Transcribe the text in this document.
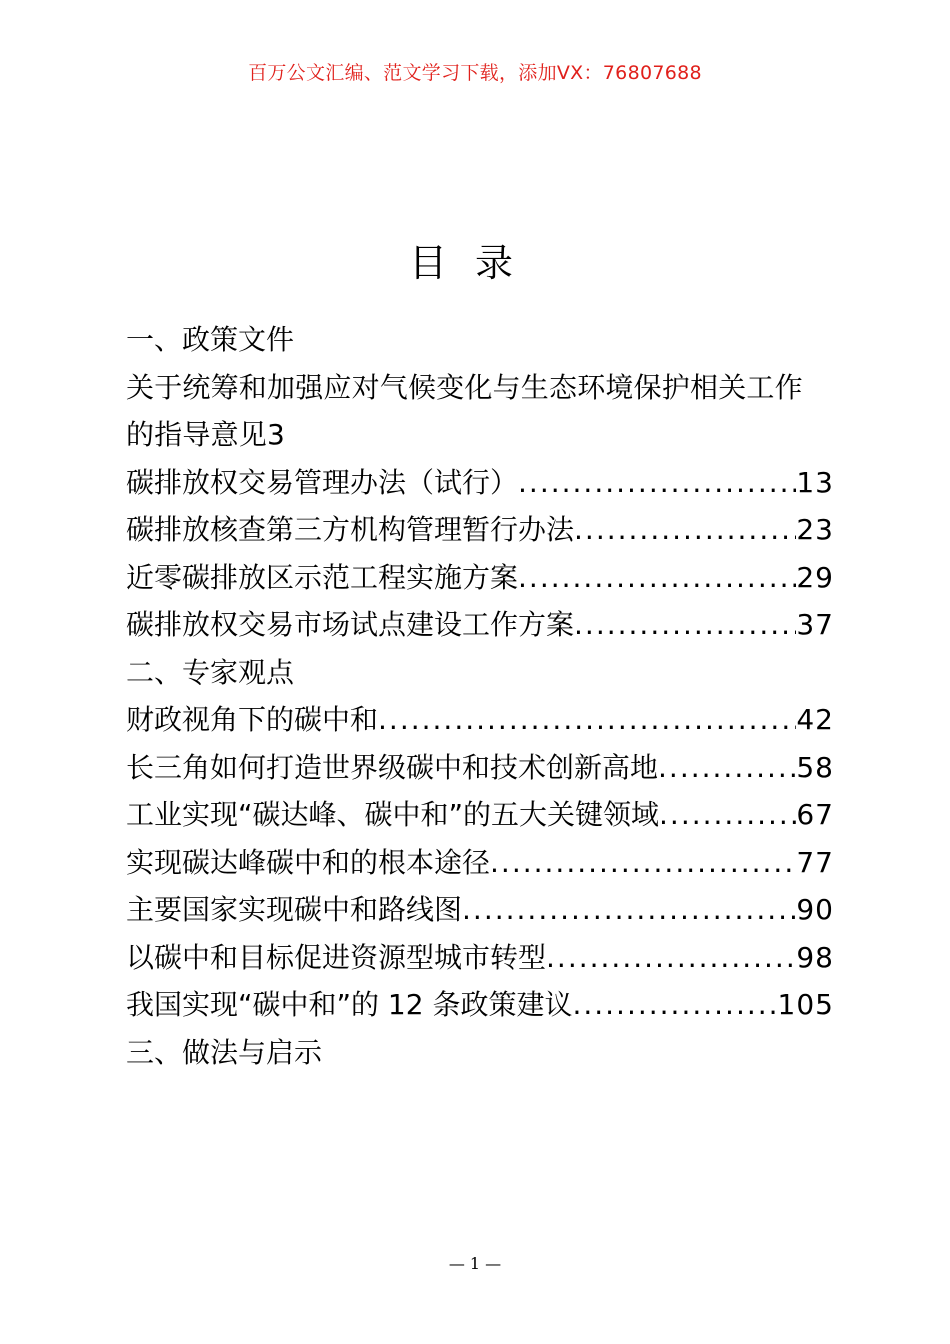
百万公文汇编、范文学习下载，添加VX：76807688
目录
一、政策文件
关于统筹和加强应对气候变化与生态环境保护相关工作
的指导意见3
碳排放权交易管理办法（试行） .....	13
碳排放核查第三方机构管理暂行办法 .....	23
近零碳排放区示范工程实施方案 .....	29
碳排放权交易市场试点建设工作方案 .....	37
二、专家观点
财政视角下的碳中和 .....	42
长三角如何打造世界级碳中和技术创新高地 .....	58
工业实现“碳达峰、碳中和”的五大关键领域 .....	67
实现碳达峰碳中和的根本途径 .....	77
主要国家实现碳中和路线图 .....	90
以碳中和目标促进资源型城市转型 .....	98
我国实现“碳中和”的 12 条政策建议 .....	105
三、做法与启示
— 1 —
